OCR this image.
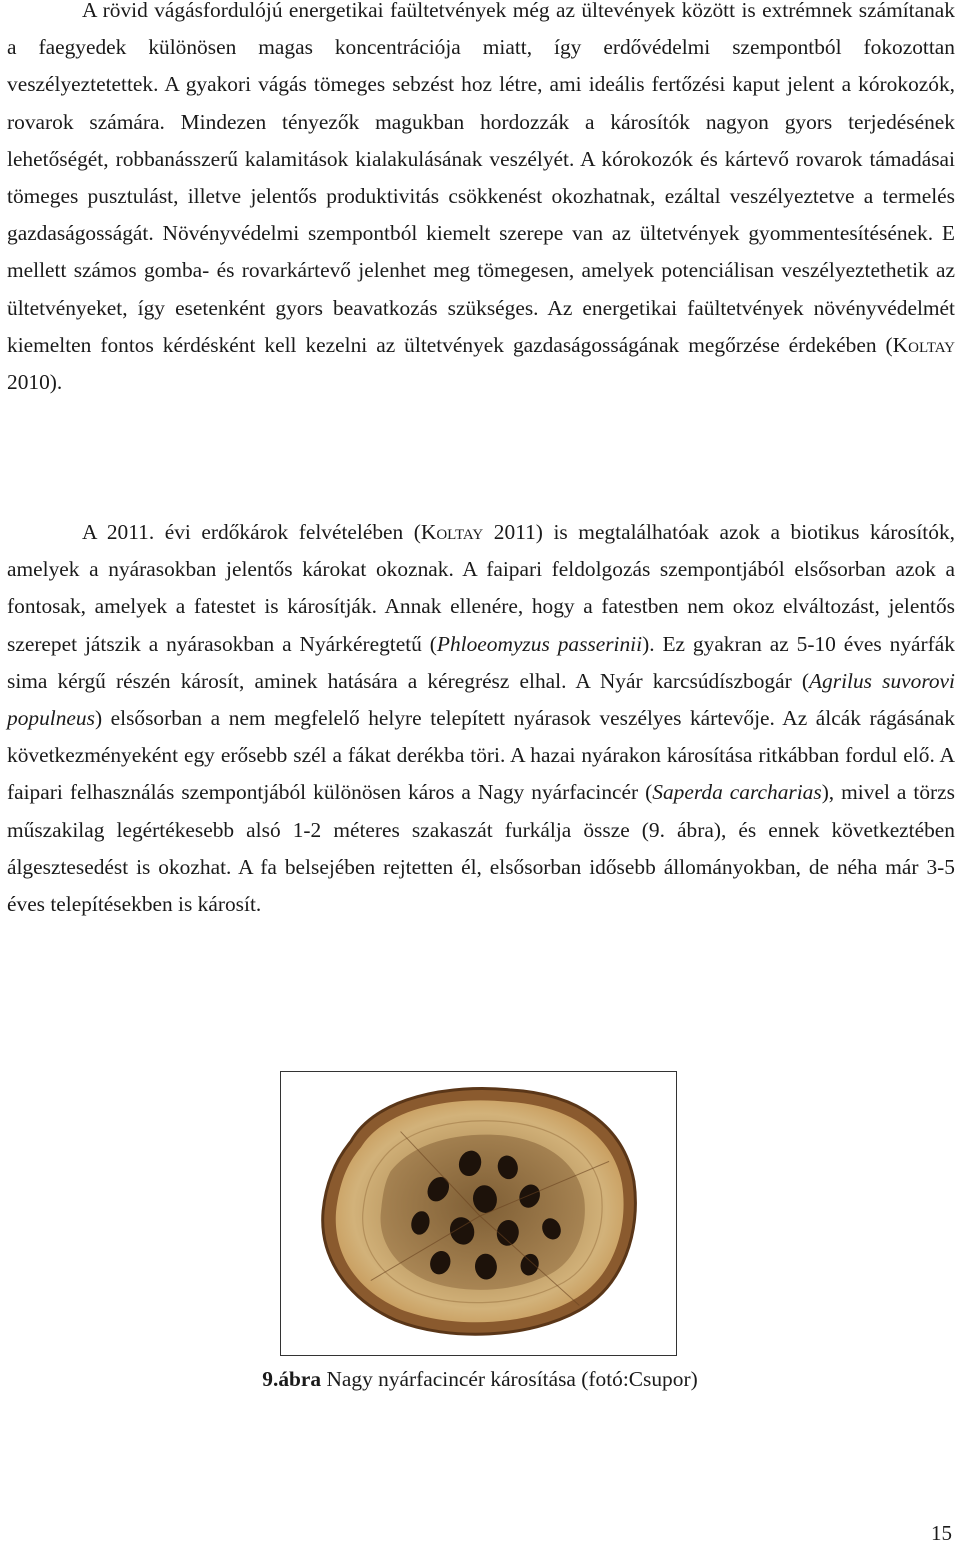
A rövid vágásfordulójú energetikai faültetvények még az ültevények között is extrémnek számítanak a faegyedek különösen magas koncentrációja miatt, így erdővédelmi szempontból fokozottan veszélyeztetettek. A gyakori vágás tömeges sebzést hoz létre, ami ideális fertőzési kaput jelent a kórokozók, rovarok számára. Mindezen tényezők magukban hordozzák a károsítók nagyon gyors terjedésének lehetőségét, robbanásszerű kalamitások kialakulásának veszélyét. A kórokozók és kártevő rovarok támadásai tömeges pusztulást, illetve jelentős produktivitás csökkenést okozhatnak, ezáltal veszélyeztetve a termelés gazdaságosságát. Növényvédelmi szempontból kiemelt szerepe van az ültetvények gyommentesítésének. E mellett számos gomba- és rovarkártevő jelenhet meg tömegesen, amelyek potenciálisan veszélyeztethetik az ültetvényeket, így esetenként gyors beavatkozás szükséges. Az energetikai faültetvények növényvédelmét kiemelten fontos kérdésként kell kezelni az ültetvények gazdaságosságának megőrzése érdekében (Koltay 2010).

A 2011. évi erdőkárok felvételében (Koltay 2011) is megtalálhatóak azok a biotikus károsítók, amelyek a nyárasokban jelentős károkat okoznak. A faipari feldolgozás szempontjából elsősorban azok a fontosak, amelyek a fatestet is károsítják. Annak ellenére, hogy a fatestben nem okoz elváltozást, jelentős szerepet játszik a nyárasokban a Nyárkéregtetű (Phloeomyzus passerinii). Ez gyakran az 5-10 éves nyárfák sima kérgű részén károsít, aminek hatására a kéregrész elhal. A Nyár karcsúdíszbogár (Agrilus suvorovi populneus) elsősorban a nem megfelelő helyre telepített nyárasok veszélyes kártevője. Az álcák rágásának következményeként egy erősebb szél a fákat derékba töri. A hazai nyárakon károsítása ritkábban fordul elő. A faipari felhasználás szempontjából különösen káros a Nagy nyárfacincér (Saperda carcharias), mivel a törzs műszakilag legértékesebb alsó 1-2 méteres szakaszát furkálja össze (9. ábra), és ennek következtében álgesztesedést is okozhat. A fa belsejében rejtetten él, elsősorban idősebb állományokban, de néha már 3-5 éves telepítésekben is károsít.

9.ábra Nagy nyárfacincér károsítása (fotó:Csupor)
15
